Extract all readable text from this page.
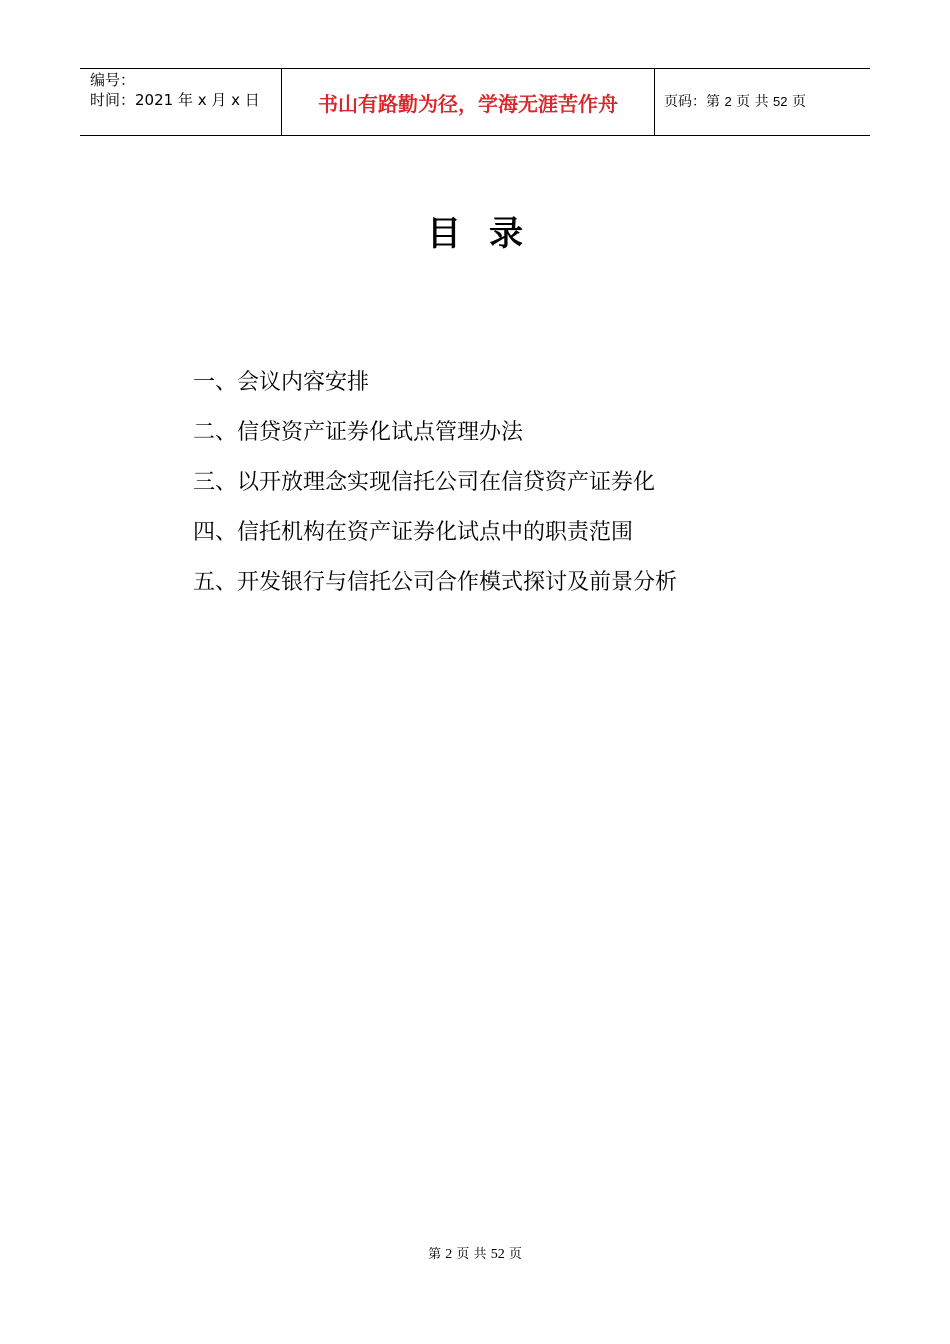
编号：
时间：2021 年 x 月 x 日	书山有路勤为径，学海无涯苦作舟	页码：第 2 页 共 52 页
目录
一、会议内容安排
二、信贷资产证券化试点管理办法
三、以开放理念实现信托公司在信贷资产证券化
四、信托机构在资产证券化试点中的职责范围
五、开发银行与信托公司合作模式探讨及前景分析
第 2 页 共 52 页
